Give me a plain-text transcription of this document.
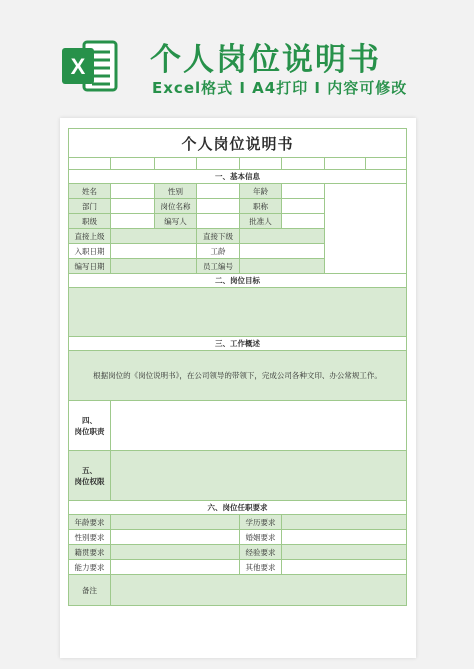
X 个人岗位说明书
Excel格式 I A4打印 I 内容可修改
个人岗位说明书							

一、基本信息							
姓名		性别		年龄			
部门		岗位名称		职称			
职级		编写人		批准人			
直接上级			直接下级				
入职日期			工龄				
编写日期			员工编号				
二、岗位目标							

三、工作概述							
根据岗位的《岗位说明书》，在公司领导的带领下，完成公司各种文印、办公常规工作。							
四、
岗位职责							
五、
岗位权限							
六、岗位任职要求							
年龄要求				学历要求			
性别要求				婚姻要求			
籍贯要求				经验要求			
能力要求				其他要求			
备注							
